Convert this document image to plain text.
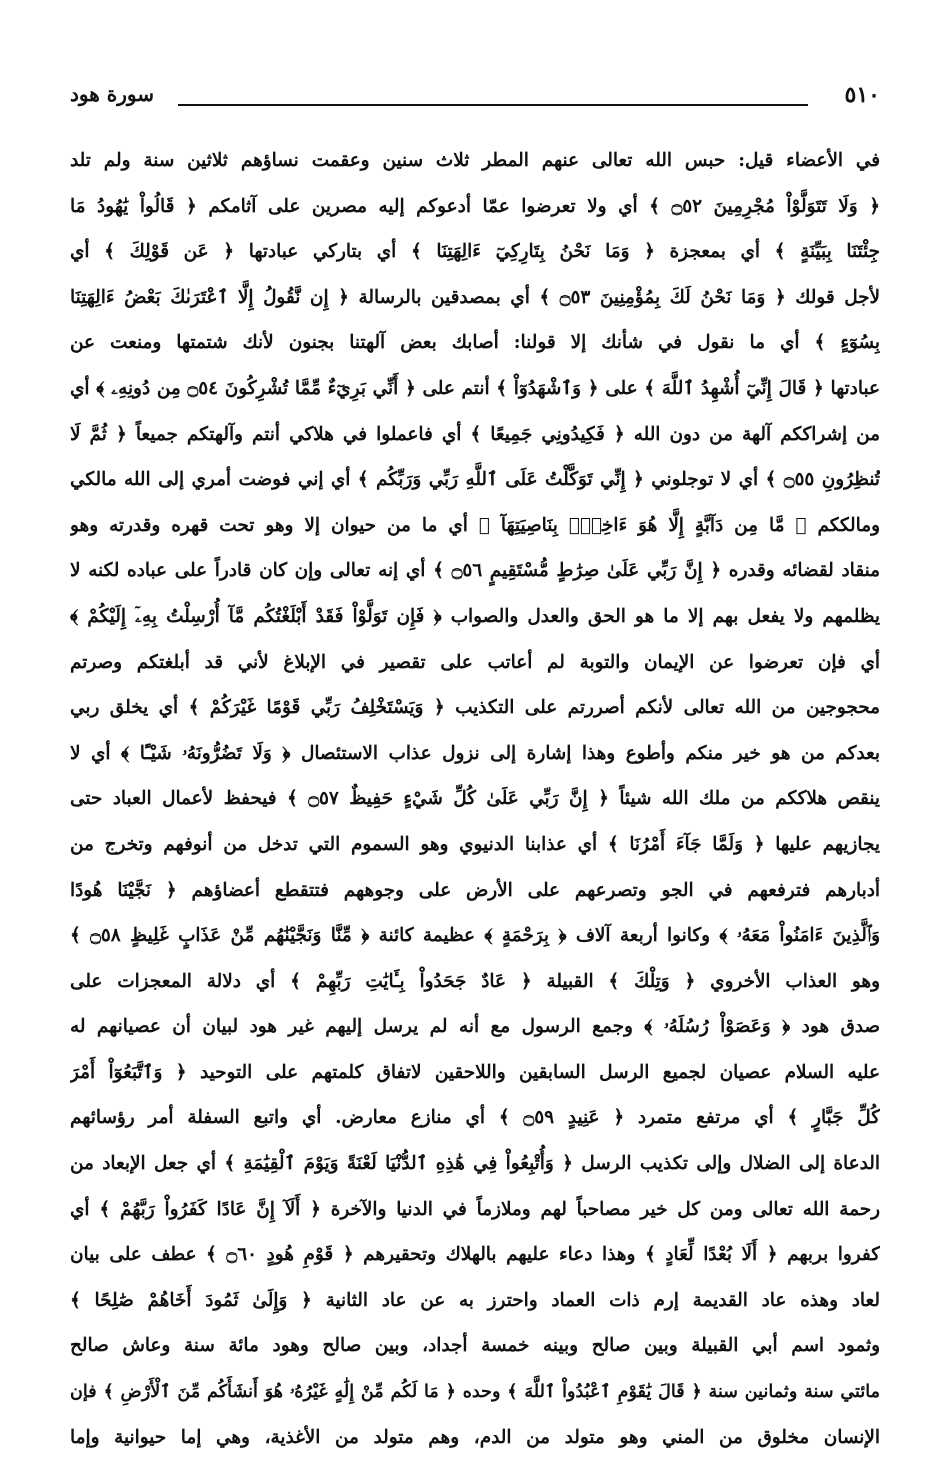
٥١٠
سورة هود
في الأعضاء قيل: حبس الله تعالى عنهم المطر ثلاث سنين وعقمت نساؤهم ثلاثين سنة ولم تلد
﴿ وَلَا تَتَوَلَّوْاْ مُجْرِمِينَ ۝٥٢ ﴾ أي ولا تعرضوا عمّا أدعوكم إليه مصرين على آثامكم ﴿ قَالُواْ يَٰهُودُ مَا
جِئْتَنَا بِبَيِّنَةٍ ﴾ أي بمعجزة ﴿ وَمَا نَحْنُ بِتَارِكِيٓ ءَالِهَتِنَا ﴾ أي بتاركي عبادتها ﴿ عَن قَوْلِكَ ﴾ أي
لأجل قولك ﴿ وَمَا نَحْنُ لَكَ بِمُؤْمِنِينَ ۝٥٣ ﴾ أي بمصدقين بالرسالة ﴿ إِن نَّقُولُ إِلَّا ٱعْتَرَىٰكَ بَعْضُ ءَالِهَتِنَا
بِسُوٓءٍ ﴾ أي ما نقول في شأنك إلا قولنا: أصابك بعض آلهتنا بجنون لأنك شتمتها ومنعت عن
عبادتها ﴿ قَالَ إِنِّيٓ أُشْهِدُ ٱللَّهَ ﴾ على ﴿ وَٱشْهَدُوٓاْ ﴾ أنتم على ﴿ أَنِّي بَرِيٓءٌ مِّمَّا تُشْرِكُونَ ۝٥٤ مِن دُونِهِۦ ﴾ أي
من إشراككم آلهة من دون الله ﴿ فَكِيدُونِي جَمِيعًا ﴾ أي فاعملوا في هلاكي أنتم وآلهتكم جميعاً ﴿ ثُمَّ لَا
تُنظِرُونِ ۝٥٥ ﴾ أي لا توجلوني ﴿ إِنِّي تَوَكَّلْتُ عَلَى ٱللَّهِ رَبِّي وَرَبِّكُم ﴾ أي إني فوضت أمري إلى الله مالكي
ومالككم ﴿ مَّا مِن دَآبَّةٍ إِلَّا هُوَ ءَاخِذُۢ بِنَاصِيَتِهَآ ﴾ أي ما من حيوان إلا وهو تحت قهره وقدرته وهو
منقاد لقضائه وقدره ﴿ إِنَّ رَبِّي عَلَىٰ صِرَٰطٍ مُّسْتَقِيمٍ ۝٥٦ ﴾ أي إنه تعالى وإن كان قادراً على عباده لكنه لا
يظلمهم ولا يفعل بهم إلا ما هو الحق والعدل والصواب ﴿ فَإِن تَوَلَّوْاْ فَقَدْ أَبْلَغْتُكُم مَّآ أُرْسِلْتُ بِهِۦٓ إِلَيْكُمْ ﴾
أي فإن تعرضوا عن الإيمان والتوبة لم أعاتب على تقصير في الإبلاغ لأني قد أبلغتكم وصرتم
محجوجين من الله تعالى لأنكم أصررتم على التكذيب ﴿ وَيَسْتَخْلِفُ رَبِّي قَوْمًا غَيْرَكُمْ ﴾ أي يخلق ربي
بعدكم من هو خير منكم وأطوع وهذا إشارة إلى نزول عذاب الاستئصال ﴿ وَلَا تَضُرُّونَهُۥ شَيْـًٔا ﴾ أي لا
ينقص هلاككم من ملك الله شيئاً ﴿ إِنَّ رَبِّي عَلَىٰ كُلِّ شَيْءٍ حَفِيظٌ ۝٥٧ ﴾ فيحفظ لأعمال العباد حتى
يجازيهم عليها ﴿ وَلَمَّا جَآءَ أَمْرُنَا ﴾ أي عذابنا الدنيوي وهو السموم التي تدخل من أنوفهم وتخرج من
أدبارهم فترفعهم في الجو وتصرعهم على الأرض على وجوههم فتتقطع أعضاؤهم ﴿ نَجَّيْنَا هُودًا
وَٱلَّذِينَ ءَامَنُواْ مَعَهُۥ ﴾ وكانوا أربعة آلاف ﴿ بِرَحْمَةٍ ﴾ عظيمة كائنة ﴿ مِّنَّا وَنَجَّيْنَٰهُم مِّنْ عَذَابٍ غَلِيظٍ ۝٥٨ ﴾
وهو العذاب الأخروي ﴿ وَتِلْكَ ﴾ القبيلة ﴿ عَادٌ جَحَدُواْ بِـَٔايَٰتِ رَبِّهِمْ ﴾ أي دلالة المعجزات على
صدق هود ﴿ وَعَصَوْاْ رُسُلَهُۥ ﴾ وجمع الرسول مع أنه لم يرسل إليهم غير هود لبيان أن عصيانهم له
عليه السلام عصيان لجميع الرسل السابقين واللاحقين لاتفاق كلمتهم على التوحيد ﴿ وَٱتَّبَعُوٓاْ أَمْرَ
كُلِّ جَبَّارٍ ﴾ أي مرتفع متمرد ﴿ عَنِيدٍ ۝٥٩ ﴾ أي منازع معارض. أي واتبع السفلة أمر رؤسائهم
الدعاة إلى الضلال وإلى تكذيب الرسل ﴿ وَأُتْبِعُواْ فِي هَٰذِهِ ٱلدُّنْيَا لَعْنَةً وَيَوْمَ ٱلْقِيَٰمَةِ ﴾ أي جعل الإبعاد من
رحمة الله تعالى ومن كل خير مصاحباً لهم وملازماً في الدنيا والآخرة ﴿ أَلَآ إِنَّ عَادًا كَفَرُواْ رَبَّهُمْ ﴾ أي
كفروا بربهم ﴿ أَلَا بُعْدًا لِّعَادٍ ﴾ وهذا دعاء عليهم بالهلاك وتحقيرهم ﴿ قَوْمِ هُودٍ ۝٦٠ ﴾ عطف على بيان
لعاد وهذه عاد القديمة إرم ذات العماد واحترز به عن عاد الثانية ﴿ وَإِلَىٰ ثَمُودَ أَخَاهُمْ صَٰلِحًا ﴾
وثمود اسم أبي القبيلة وبين صالح وبينه خمسة أجداد، وبين صالح وهود مائة سنة وعاش صالح
مائتي سنة وثمانين سنة ﴿ قَالَ يَٰقَوْمِ ٱعْبُدُواْ ٱللَّهَ ﴾ وحده ﴿ مَا لَكُم مِّنْ إِلَٰهٍ غَيْرُهُۥ هُوَ أَنشَأَكُم مِّنَ ٱلْأَرْضِ ﴾ فإن
الإنسان مخلوق من المني وهو متولد من الدم، وهم متولد من الأغذية، وهي إما حيوانية وإما
